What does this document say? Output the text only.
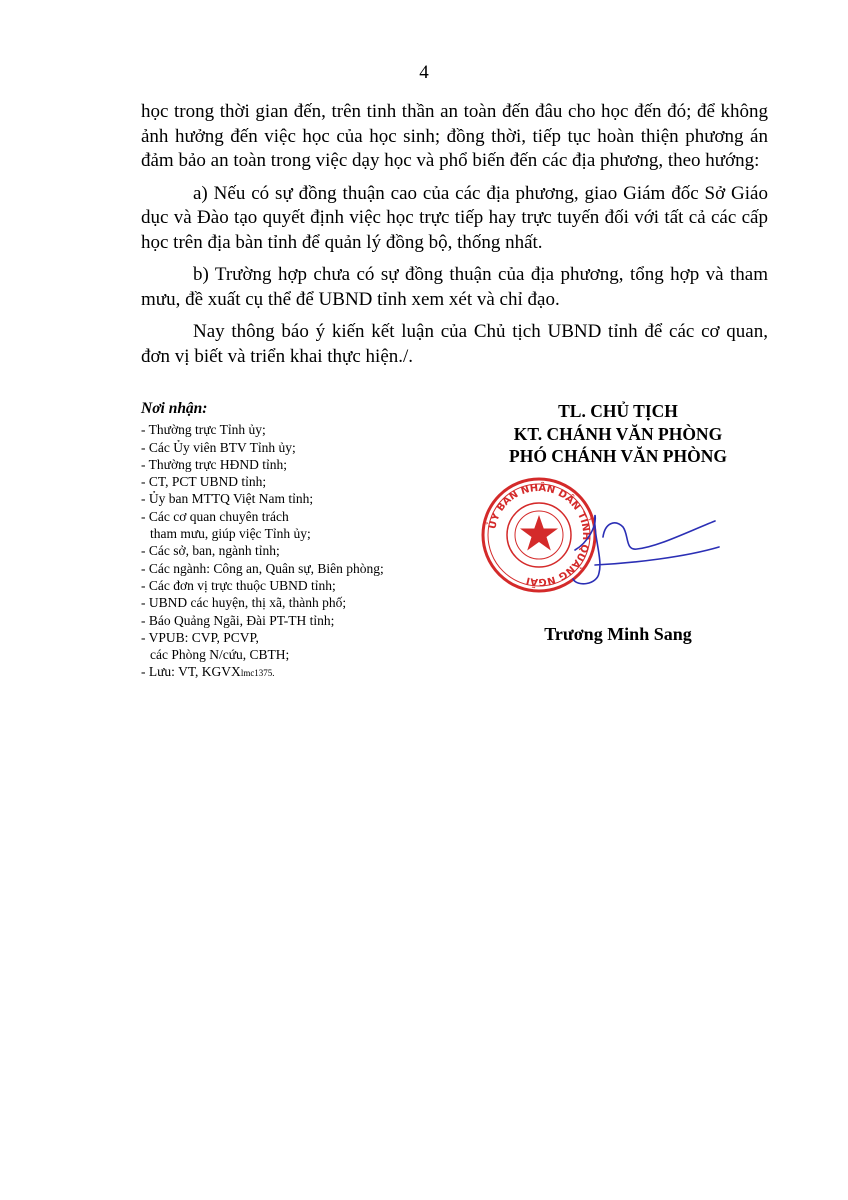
4

học trong thời gian đến, trên tinh thần an toàn đến đâu cho học đến đó; để không ảnh hưởng đến việc học của học sinh; đồng thời, tiếp tục hoàn thiện phương án đảm bảo an toàn trong việc dạy học và phổ biến đến các địa phương, theo hướng:

a) Nếu có sự đồng thuận cao của các địa phương, giao Giám đốc Sở Giáo dục và Đào tạo quyết định việc học trực tiếp hay trực tuyến đối với tất cả các cấp học trên địa bàn tỉnh để quản lý đồng bộ, thống nhất.

b) Trường hợp chưa có sự đồng thuận của địa phương, tổng hợp và tham mưu, đề xuất cụ thể để UBND tỉnh xem xét và chỉ đạo.

Nay thông báo ý kiến kết luận của Chủ tịch UBND tỉnh để các cơ quan, đơn vị biết và triển khai thực hiện./.

Nơi nhận:
- Thường trực Tỉnh ủy;
- Các Ủy viên BTV Tỉnh ủy;
- Thường trực HĐND tỉnh;
- CT, PCT UBND tỉnh;
- Ủy ban MTTQ Việt Nam tỉnh;
- Các cơ quan chuyên trách
tham mưu, giúp việc Tỉnh ủy;
- Các sở, ban, ngành tỉnh;
- Các ngành: Công an, Quân sự, Biên phòng;
- Các đơn vị trực thuộc UBND tỉnh;
- UBND các huyện, thị xã, thành phố;
- Báo Quảng Ngãi, Đài PT-TH tỉnh;
- VPUB: CVP, PCVP,
các Phòng N/cứu, CBTH;
- Lưu: VT, KGVXlmc1375.
TL. CHỦ TỊCH
KT. CHÁNH VĂN PHÒNG
PHÓ CHÁNH VĂN PHÒNG
ỦY BAN NHÂN DÂN TỈNH QUẢNG NGÃI
Trương Minh Sang
